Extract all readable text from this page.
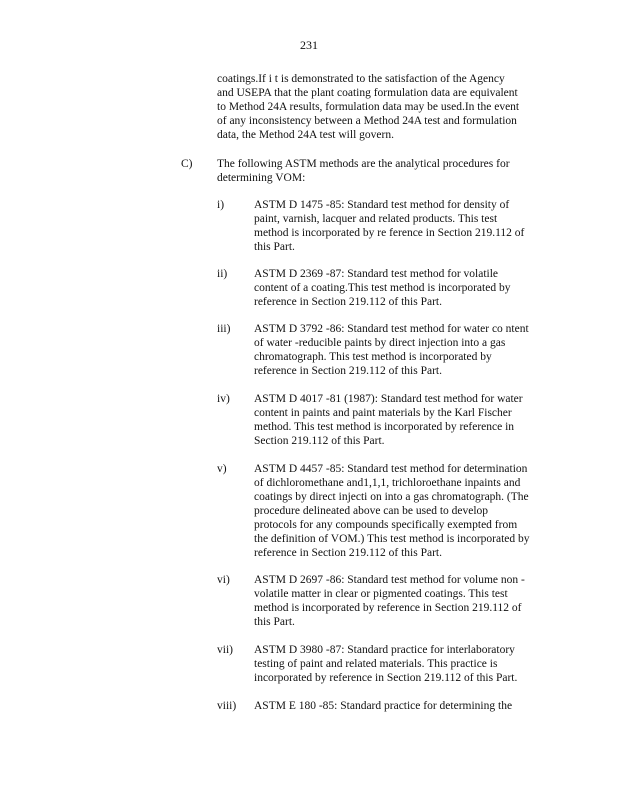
231
coatings.If i t is demonstrated to the satisfaction of the Agency
and USEPA that the plant coating formulation data are equivalent
to Method 24A results, formulation data may be used.In the event
of any inconsistency between a Method 24A test and formulation
data, the Method 24A test will govern.
C) The following ASTM methods are the analytical procedures for
determining VOM:
i)	ASTM D 1475 -85: Standard test method for density of
paint, varnish, lacquer and related products. This test
method is incorporated by re ference in Section 219.112 of
this Part.
ii) ASTM D 2369 -87: Standard test method for volatile
content of a coating.This test method is incorporated by
reference in Section 219.112 of this Part.
iii) ASTM D 3792 -86: Standard test method for water co ntent
of water -reducible paints by direct injection into a gas
chromatograph. This test method is incorporated by
reference in Section 219.112 of this Part.
iv) ASTM D 4017 -81 (1987): Standard test method for water
content in paints and paint materials by the Karl Fischer
method. This test method is incorporated by reference in
Section 219.112 of this Part.
v) ASTM D 4457 -85: Standard test method for determination
of dichloromethane and1,1,1, trichloroethane inpaints and
coatings by direct injecti on into a gas chromatograph. (The
procedure delineated above can be used to develop
protocols for any compounds specifically exempted from
the definition of VOM.) This test method is incorporated by
reference in Section 219.112 of this Part.
vi) ASTM D 2697 -86: Standard test method for volume non -
volatile matter in clear or pigmented coatings. This test
method is incorporated by reference in Section 219.112 of
this Part.
vii) ASTM D 3980 -87: Standard practice for interlaboratory
testing of paint and related materials. This practice is
incorporated by reference in Section 219.112 of this Part.
viii) ASTM E 180 -85: Standard practice for determining the
